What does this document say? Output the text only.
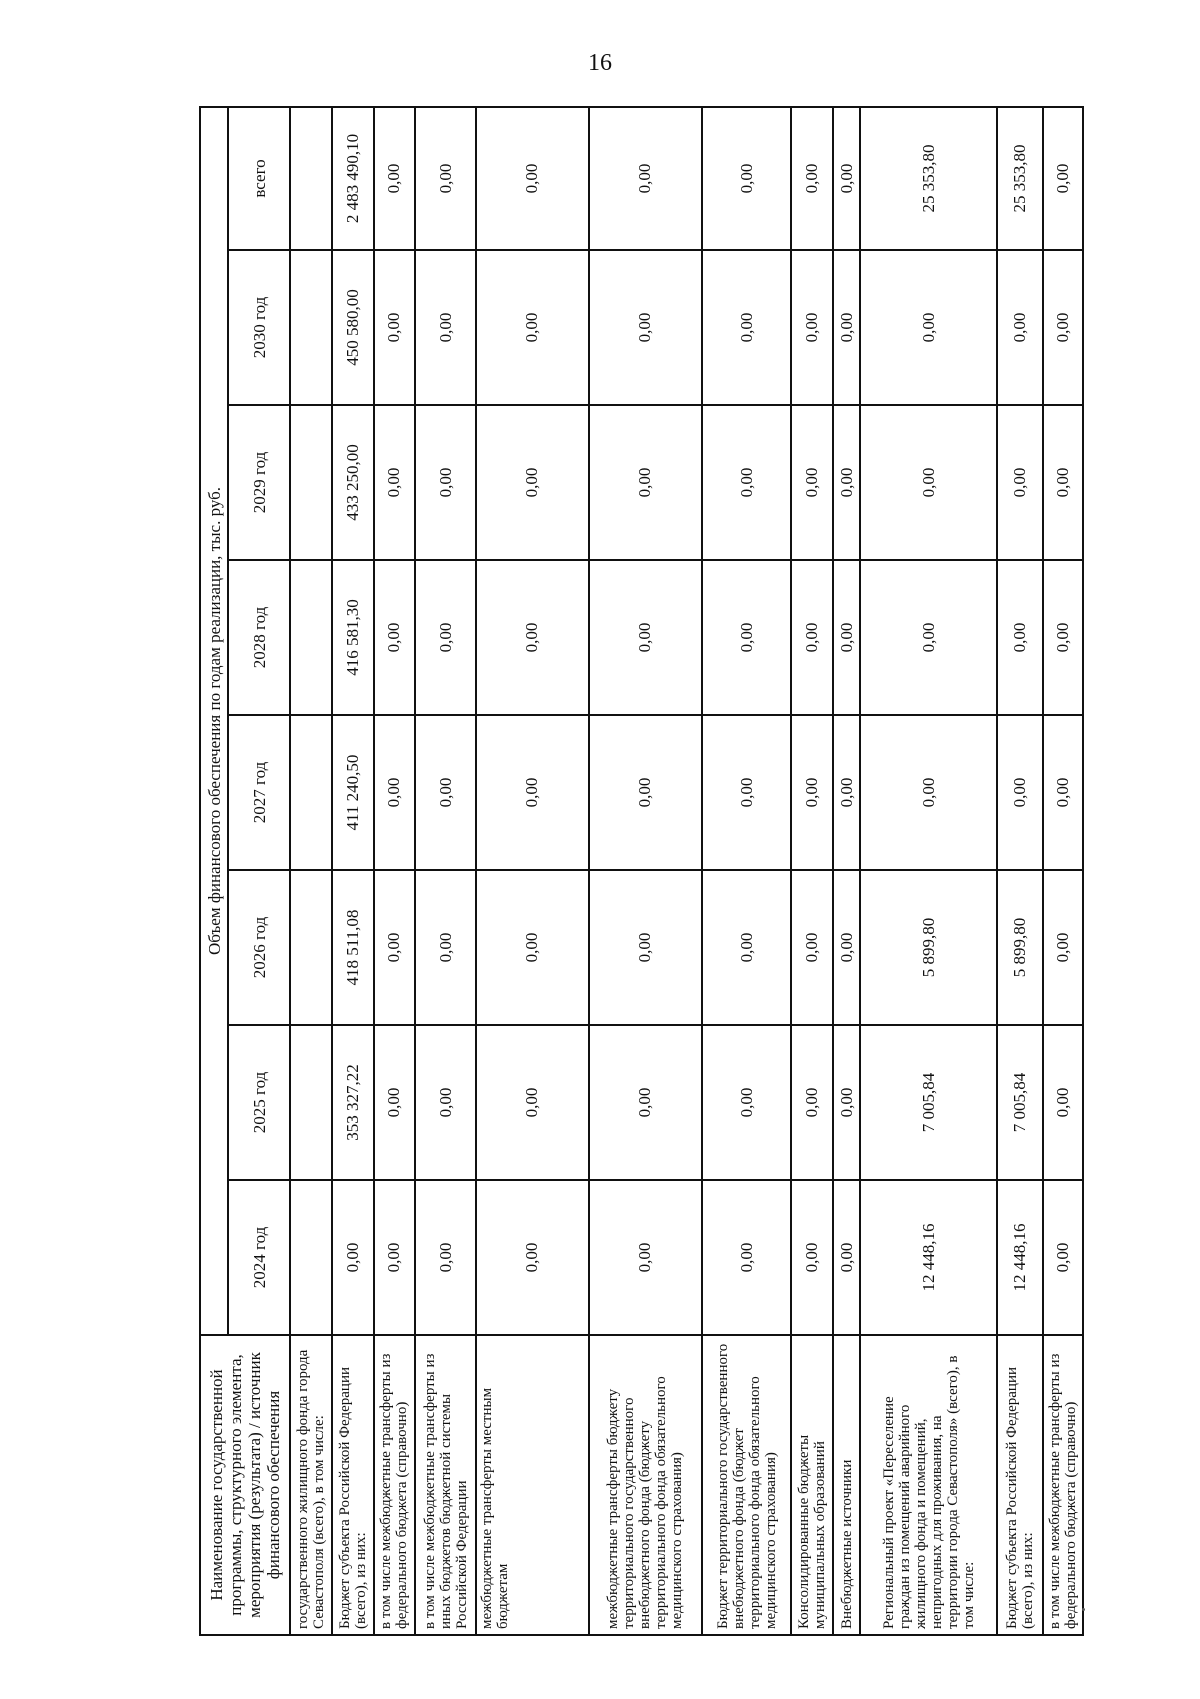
16
Наименование государственной программы, структурного элемента, мероприятия (результата) / источник финансового обеспечения	Объем финансового обеспечения по годам реализации, тыс. руб.							
	2024 год	2025 год	2026 год	2027 год	2028 год	2029 год	2030 год	всего
государственного жилищного фонда города Севастополя (всего), в том числе:								
Бюджет субъекта Российской Федерации (всего), из них:	0,00	353 327,22	418 511,08	411 240,50	416 581,30	433 250,00	450 580,00	2 483 490,10
в том числе межбюджетные трансферты из федерального бюджета (справочно)	0,00	0,00	0,00	0,00	0,00	0,00	0,00	0,00
в том числе межбюджетные трансферты из иных бюджетов бюджетной системы Российской Федерации	0,00	0,00	0,00	0,00	0,00	0,00	0,00	0,00
межбюджетные трансферты местным бюджетам	0,00	0,00	0,00	0,00	0,00	0,00	0,00	0,00
межбюджетные трансферты бюджету территориального государственного внебюджетного фонда (бюджету территориального фонда обязательного медицинского страхования)	0,00	0,00	0,00	0,00	0,00	0,00	0,00	0,00
Бюджет территориального государственного внебюджетного фонда (бюджет территориального фонда обязательного медицинского страхования)	0,00	0,00	0,00	0,00	0,00	0,00	0,00	0,00
Консолидированные бюджеты муниципальных образований	0,00	0,00	0,00	0,00	0,00	0,00	0,00	0,00
Внебюджетные источники	0,00	0,00	0,00	0,00	0,00	0,00	0,00	0,00
Региональный проект «Переселение граждан из помещений аварийного жилищного фонда и помещений, непригодных для проживания, на территории города Севастополя» (всего), в том числе:	12 448,16	7 005,84	5 899,80	0,00	0,00	0,00	0,00	25 353,80
Бюджет субъекта Российской Федерации (всего), из них:	12 448,16	7 005,84	5 899,80	0,00	0,00	0,00	0,00	25 353,80
в том числе межбюджетные трансферты из федерального бюджета (справочно)	0,00	0,00	0,00	0,00	0,00	0,00	0,00	0,00
